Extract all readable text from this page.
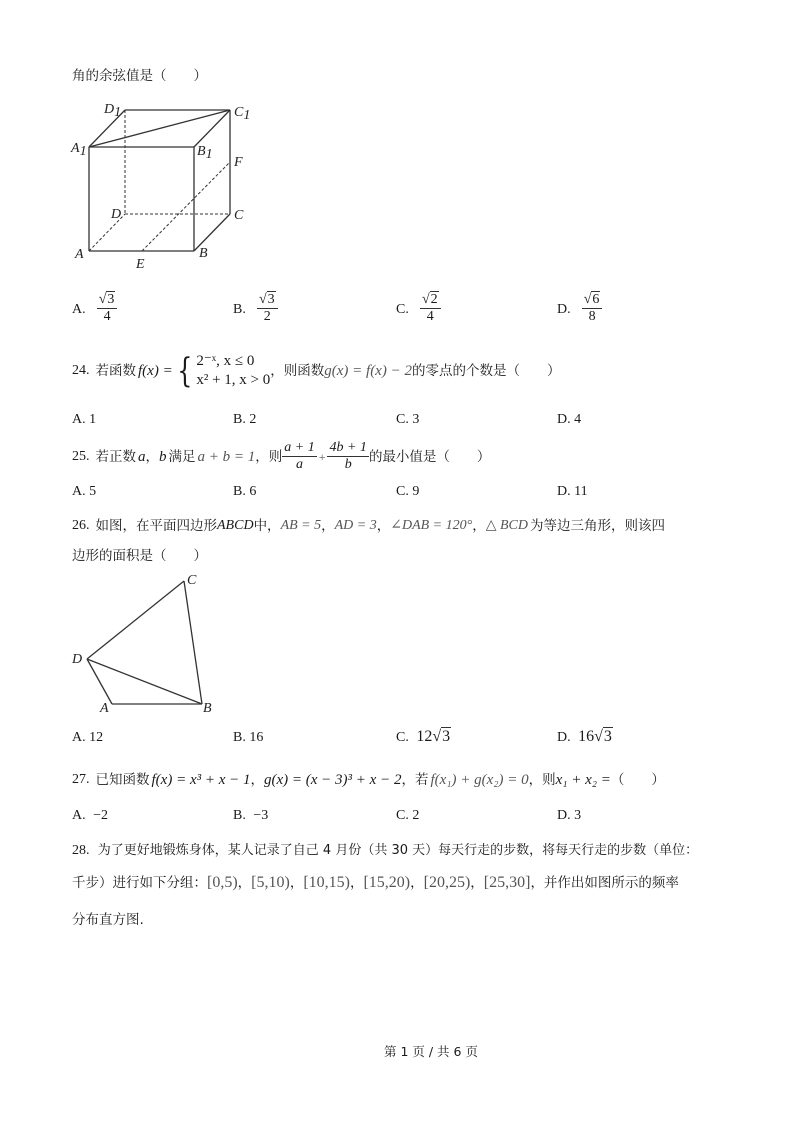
角的余弦值是（　　）
D1	C1
A1	B1
F
D	C
A	B
E
A. $\frac{√3}{4}$	B. $\frac{√3}{2}$	C. $\frac{√2}{4}$	D. $\frac{√6}{8}$
24. 若函数 f(x) = { 2⁻ˣ, x ≤ 0
x² + 1, x > 0
，则函数 g(x) = f(x) − 2 的零点的个数是（　　）
A. 1	B. 2	C. 3	D. 4
25. 若正数 a ， b 满足 a + b = 1 ，则 $\frac{a + 1}{a} + \frac{4b + 1}{b}$ 的最小值是（　　）
A. 5	B. 6	C. 9	D. 11
26. 如图，在平面四边形 ABCD 中， AB = 5 ， AD = 3 ， ∠DAB = 120° ， △ BCD 为等边三角形，则该四
边形的面积是（　　）
C
D
A	B
A. 12	B. 16	C. 12√3	D. 16√3
27. 已知函数 f(x) = x³ + x − 1 ， g(x) = (x − 3)³ + x − 2 ，若 f(x₁) + g(x₂) = 0 ，则 x₁ + x₂ = （　　）
A. −2	B. −3	C. 2	D. 3
28. 为了更好地锻炼身体，某人记录了自己 4 月份（共 30 天）每天行走的步数，将每天行走的步数（单位：
千步）进行如下分组： [0,5) ， [5,10) ， [10,15) ， [15,20) ， [20,25) ， [25,30] ，并作出如图所示的频率
分布直方图.
第 1 页 / 共 6 页
